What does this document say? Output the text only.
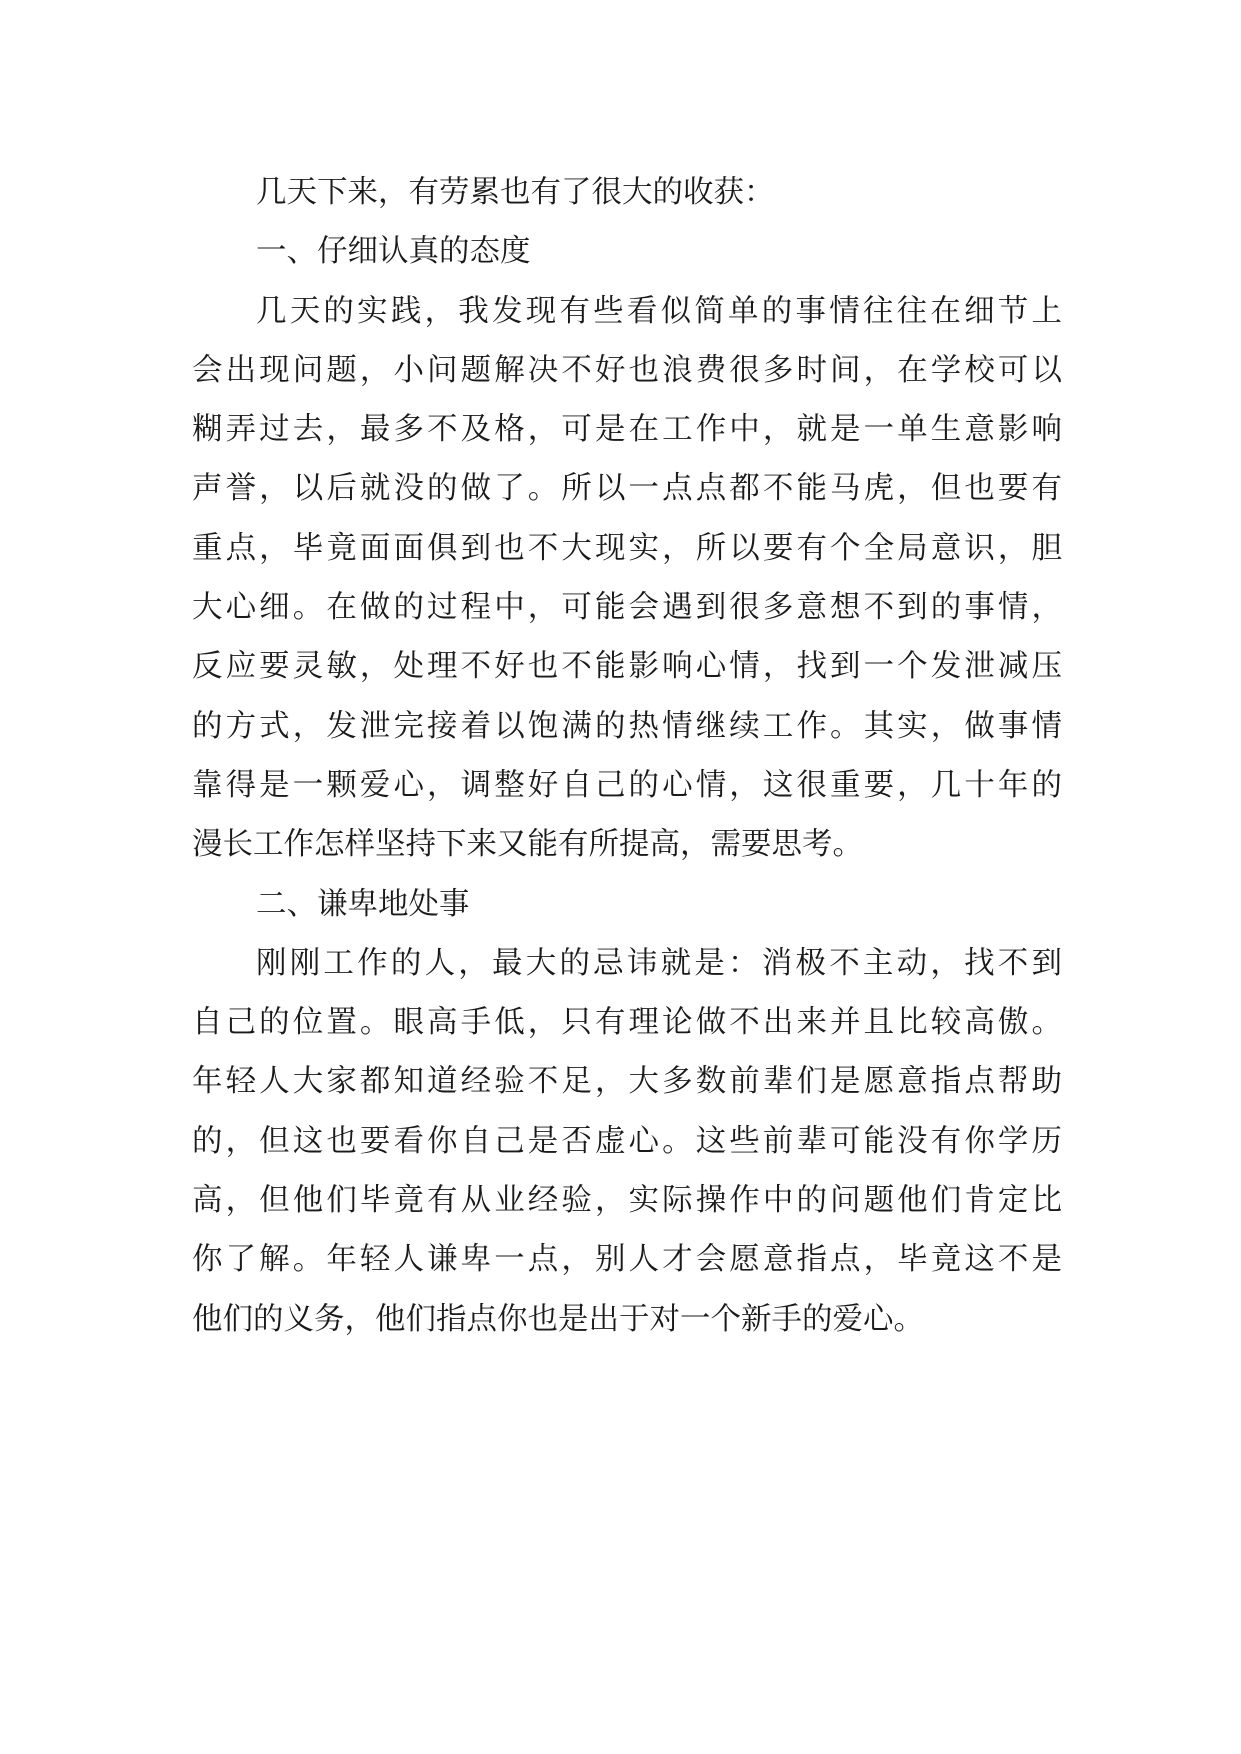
几天下来，有劳累也有了很大的收获：
一、仔细认真的态度
几天的实践，我发现有些看似简单的事情往往在细节上
会出现问题，小问题解决不好也浪费很多时间，在学校可以
糊弄过去，最多不及格，可是在工作中，就是一单生意影响
声誉，以后就没的做了。所以一点点都不能马虎，但也要有
重点，毕竟面面俱到也不大现实，所以要有个全局意识，胆
大心细。在做的过程中，可能会遇到很多意想不到的事情，
反应要灵敏，处理不好也不能影响心情，找到一个发泄减压
的方式，发泄完接着以饱满的热情继续工作。其实，做事情
靠得是一颗爱心，调整好自己的心情，这很重要，几十年的
漫长工作怎样坚持下来又能有所提高，需要思考。
二、谦卑地处事
刚刚工作的人，最大的忌讳就是：消极不主动，找不到
自己的位置。眼高手低，只有理论做不出来并且比较高傲。
年轻人大家都知道经验不足，大多数前辈们是愿意指点帮助
的，但这也要看你自己是否虚心。这些前辈可能没有你学历
高，但他们毕竟有从业经验，实际操作中的问题他们肯定比
你了解。年轻人谦卑一点，别人才会愿意指点，毕竟这不是
他们的义务，他们指点你也是出于对一个新手的爱心。
